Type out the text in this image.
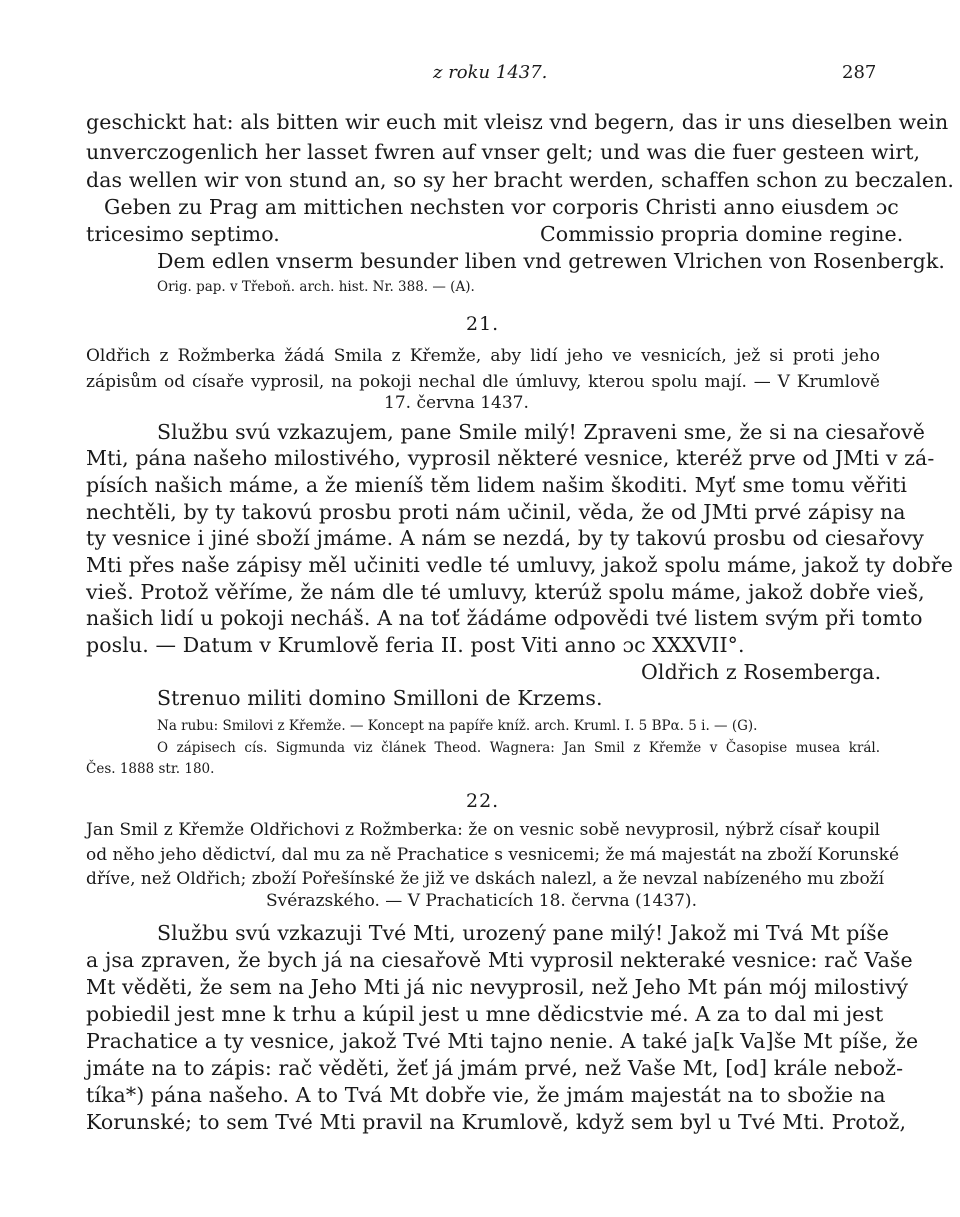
z roku 1437.	287
geschickt hat: als bitten wir euch mit vleisz vnd begern, das ir uns dieselben wein
unverczogenlich her lasset fwren auf vnser gelt; und was die fuer gesteen wirt,
das wellen wir von stund an, so sy her bracht werden, schaffen schon zu beczalen.
Geben zu Prag am mittichen nechsten vor corporis Christi anno eiusdem ɔc
tricesimo septimo.	Commissio propria domine regine.
Dem edlen vnserm besunder liben vnd getrewen Vlrichen von Rosenbergk.
Orig. pap. v Třeboň. arch. hist. Nr. 388. — (A).
21.
Oldřich z Rožmberka žádá Smila z Křemže, aby lidí jeho ve vesnicích, jež si proti jeho
zápisům od císaře vyprosil, na pokoji nechal dle úmluvy, kterou spolu mají. — V Krumlově
17. června 1437.
Službu svú vzkazujem, pane Smile milý! Zpraveni sme, že si na ciesařově
Mti, pána našeho milostivého, vyprosil některé vesnice, kteréž prve od JMti v zá-
písích našich máme, a že mieníš těm lidem našim škoditi. Myť sme tomu věřiti
nechtěli, by ty takovú prosbu proti nám učinil, věda, že od JMti prvé zápisy na
ty vesnice i jiné sboží jmáme. A nám se nezdá, by ty takovú prosbu od ciesařovy
Mti přes naše zápisy měl učiniti vedle té umluvy, jakož spolu máme, jakož ty dobře
vieš. Protož věříme, že nám dle té umluvy, kterúž spolu máme, jakož dobře vieš,
našich lidí u pokoji necháš. A na toť žádáme odpovědi tvé listem svým při tomto
poslu. — Datum v Krumlově feria II. post Viti anno ɔc XXXVII°.
Oldřich z Rosemberga.
Strenuo militi domino Smilloni de Krzems.
Na rubu: Smilovi z Křemže. — Koncept na papíře kníž. arch. Kruml. I. 5 BPα. 5 i. — (G).
O zápisech cís. Sigmunda viz článek Theod. Wagnera: Jan Smil z Křemže v Časopise musea král.
Čes. 1888 str. 180.
22.
Jan Smil z Křemže Oldřichovi z Rožmberka: že on vesnic sobě nevyprosil, nýbrž císař koupil
od něho jeho dědictví, dal mu za ně Prachatice s vesnicemi; že má majestát na zboží Korunské
dříve, než Oldřich; zboží Pořešínské že již ve dskách nalezl, a že nevzal nabízeného mu zboží
Svérazského. — V Prachaticích 18. června (1437).
Službu svú vzkazuji Tvé Mti, urozený pane milý! Jakož mi Tvá Mt píše
a jsa zpraven, že bych já na ciesařově Mti vyprosil nekteraké vesnice: rač Vaše
Mt věděti, že sem na Jeho Mti já nic nevyprosil, než Jeho Mt pán mój milostivý
pobiedil jest mne k trhu a kúpil jest u mne dědicstvie mé. A za to dal mi jest
Prachatice a ty vesnice, jakož Tvé Mti tajno nenie. A také ja[k Va]še Mt píše, že
jmáte na to zápis: rač věděti, žeť já jmám prvé, než Vaše Mt, [od] krále nebož-
tíka*) pána našeho. A to Tvá Mt dobře vie, že jmám majestát na to sbožie na
Korunské; to sem Tvé Mti pravil na Krumlově, když sem byl u Tvé Mti. Protož,
